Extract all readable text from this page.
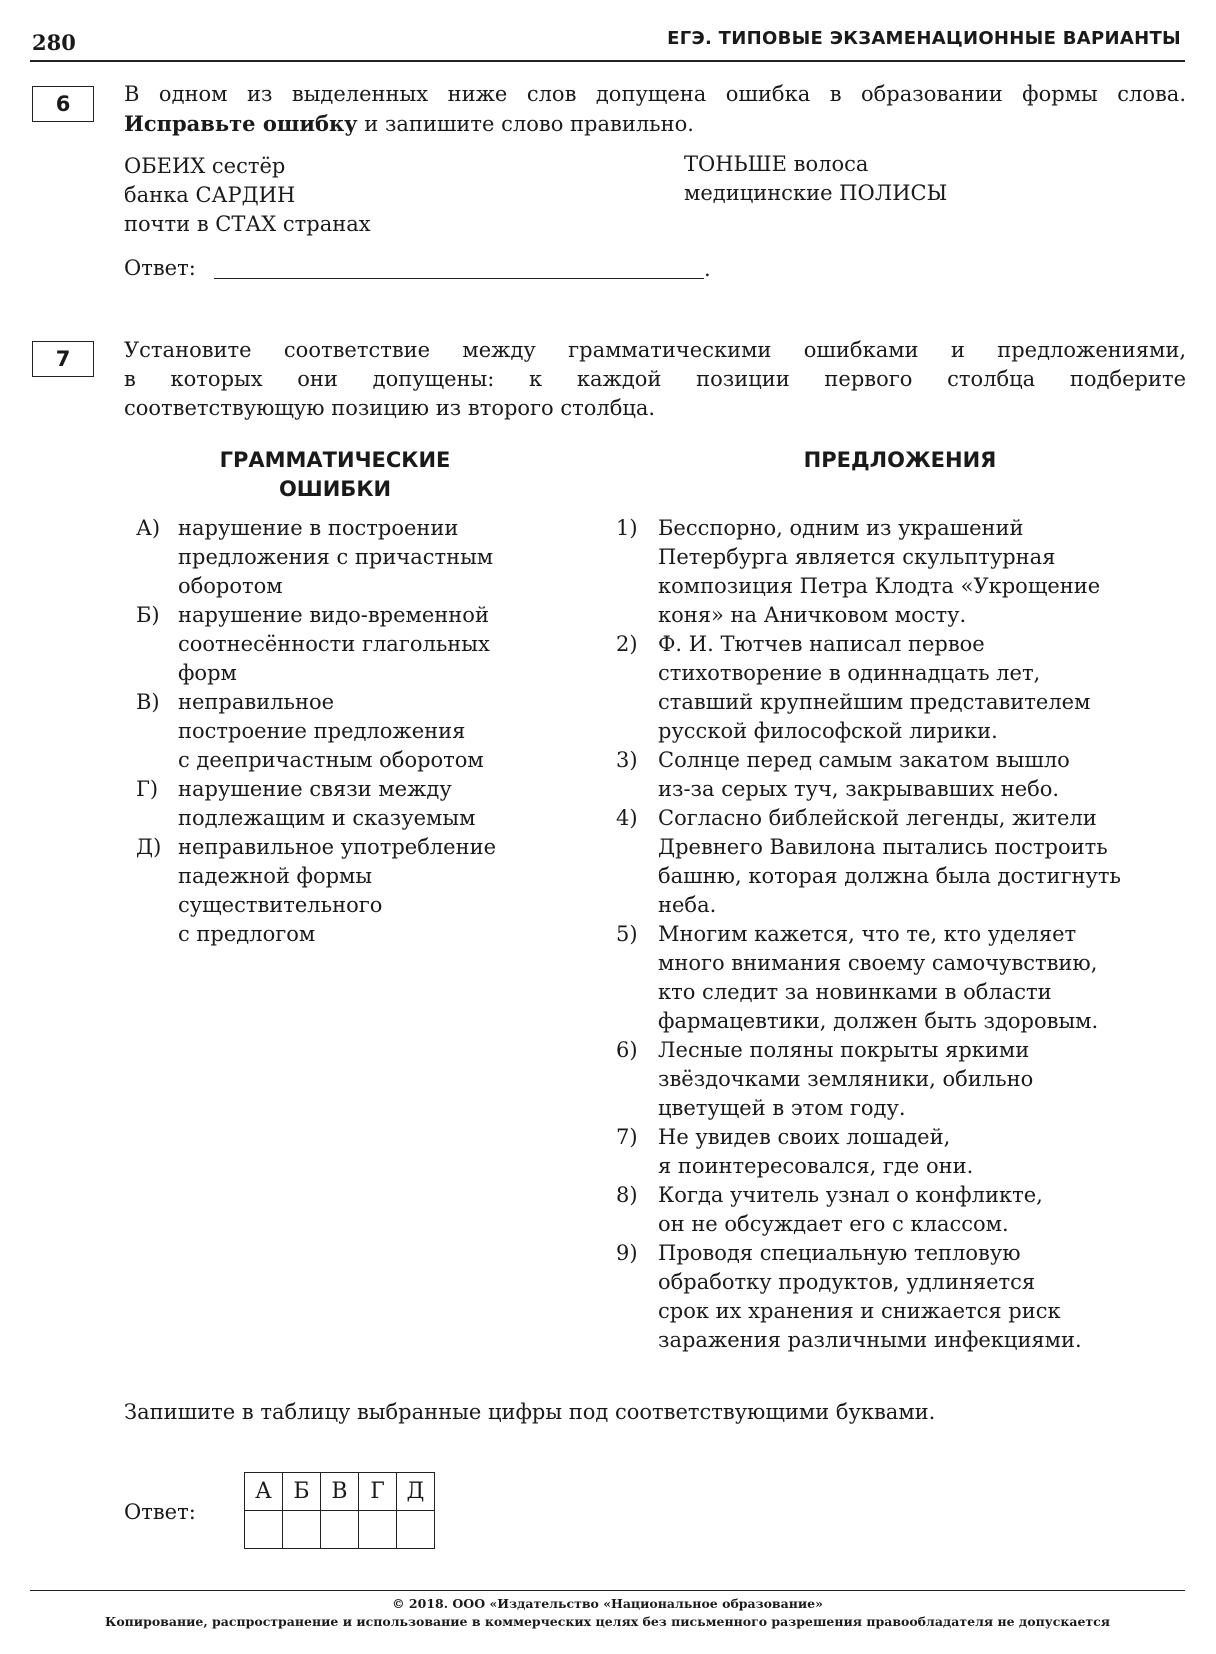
280	ЕГЭ. ТИПОВЫЕ ЭКЗАМЕНАЦИОННЫЕ ВАРИАНТЫ
6	В одном из выделенных ниже слов допущена ошибка в образовании формы слова.
Исправьте ошибку и запишите слово правильно.
ОБЕИХ сестёр
банка САРДИН
почти в СТАХ странах
ТОНЬШЕ волоса
медицинские ПОЛИСЫ
Ответ:	.
7	Установите соответствие между грамматическими ошибками и предложениями,
в которых они допущены: к каждой позиции первого столбца подберите
соответствующую позицию из второго столбца.
ГРАММАТИЧЕСКИЕ
ОШИБКИ
ПРЕДЛОЖЕНИЯ
А) нарушение в построении
предложения с причастным
оборотом
Б) нарушение видо-временной
соотнесённости глагольных
форм
В) неправильное
построение предложения
с деепричастным оборотом
Г) нарушение связи между
подлежащим и сказуемым
Д) неправильное употребление
падежной формы
существительного
с предлогом
1) Бесспорно, одним из украшений
Петербурга является скульптурная
композиция Петра Клодта «Укрощение
коня» на Аничковом мосту.
2) Ф. И. Тютчев написал первое
стихотворение в одиннадцать лет,
ставший крупнейшим представителем
русской философской лирики.
3) Солнце перед самым закатом вышло
из-за серых туч, закрывавших небо.
4) Согласно библейской легенды, жители
Древнего Вавилона пытались построить
башню, которая должна была достигнуть
неба.
5) Многим кажется, что те, кто уделяет
много внимания своему самочувствию,
кто следит за новинками в области
фармацевтики, должен быть здоровым.
6) Лесные поляны покрыты яркими
звёздочками земляники, обильно
цветущей в этом году.
7) Не увидев своих лошадей,
я поинтересовался, где они.
8) Когда учитель узнал о конфликте,
он не обсуждает его с классом.
9) Проводя специальную тепловую
обработку продуктов, удлиняется
срок их хранения и снижается риск
заражения различными инфекциями.
Запишите в таблицу выбранные цифры под соответствующими буквами.
Ответ:
А	Б	В	Г	Д

© 2018. ООО «Издательство «Национальное образование»
Копирование, распространение и использование в коммерческих целях без письменного разрешения правообладателя не допускается
